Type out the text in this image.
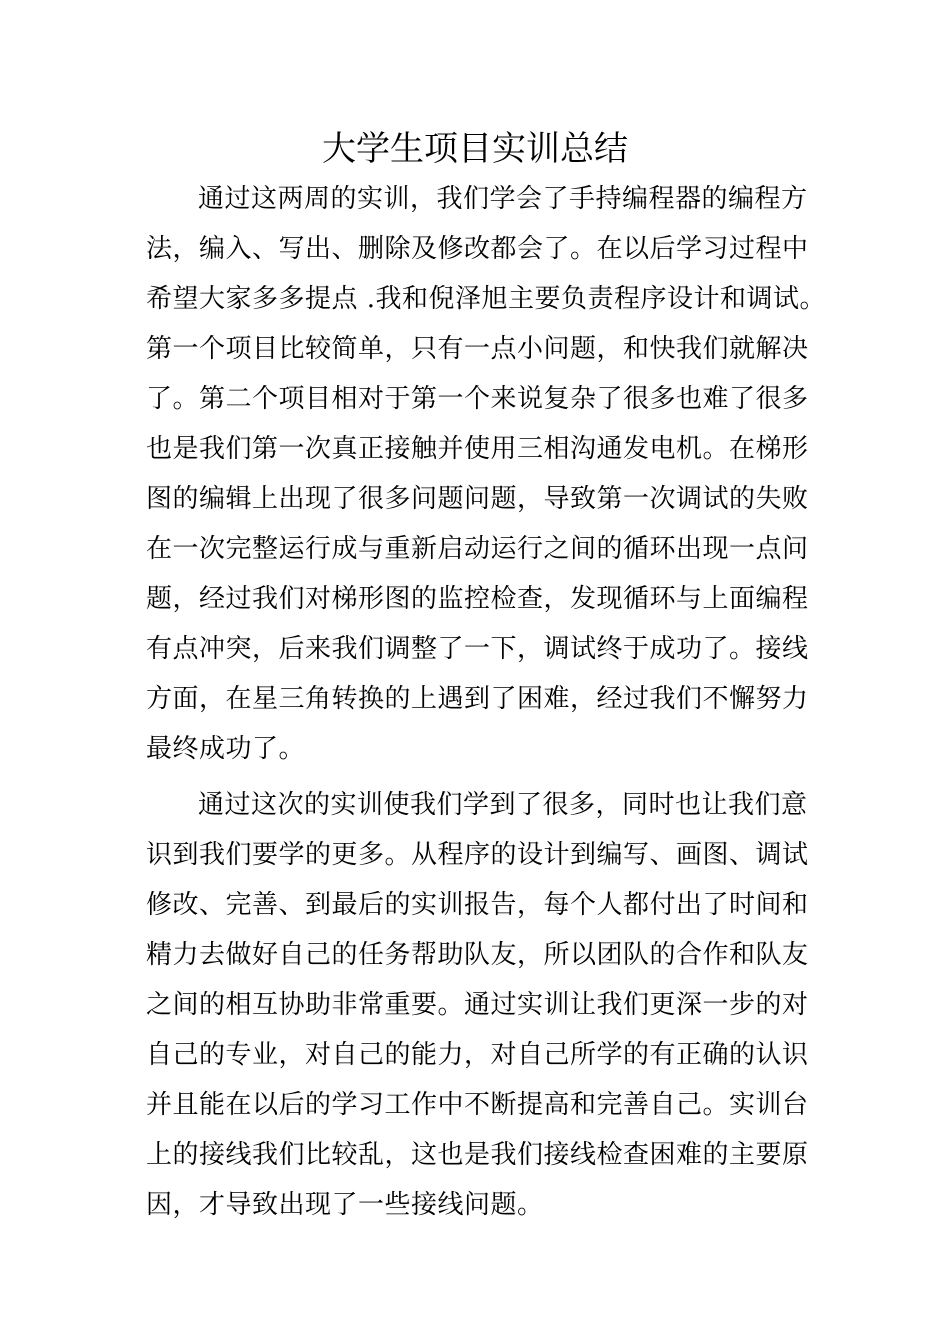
大学生项目实训总结
通过这两周的实训，我们学会了手持编程器的编程方
法，编入、写出、删除及修改都会了。在以后学习过程中
希望大家多多提点 .我和倪泽旭主要负责程序设计和调试。
第一个项目比较简单，只有一点小问题，和快我们就解决
了。第二个项目相对于第一个来说复杂了很多也难了很多
也是我们第一次真正接触并使用三相沟通发电机。在梯形
图的编辑上出现了很多问题问题，导致第一次调试的失败
在一次完整运行成与重新启动运行之间的循环出现一点问
题，经过我们对梯形图的监控检查，发现循环与上面编程
有点冲突，后来我们调整了一下，调试终于成功了。接线
方面，在星三角转换的上遇到了困难，经过我们不懈努力
最终成功了。
通过这次的实训使我们学到了很多，同时也让我们意
识到我们要学的更多。从程序的设计到编写、画图、调试
修改、完善、到最后的实训报告，每个人都付出了时间和
精力去做好自己的任务帮助队友，所以团队的合作和队友
之间的相互协助非常重要。通过实训让我们更深一步的对
自己的专业，对自己的能力，对自己所学的有正确的认识
并且能在以后的学习工作中不断提高和完善自己。实训台
上的接线我们比较乱，这也是我们接线检查困难的主要原
因，才导致出现了一些接线问题。
